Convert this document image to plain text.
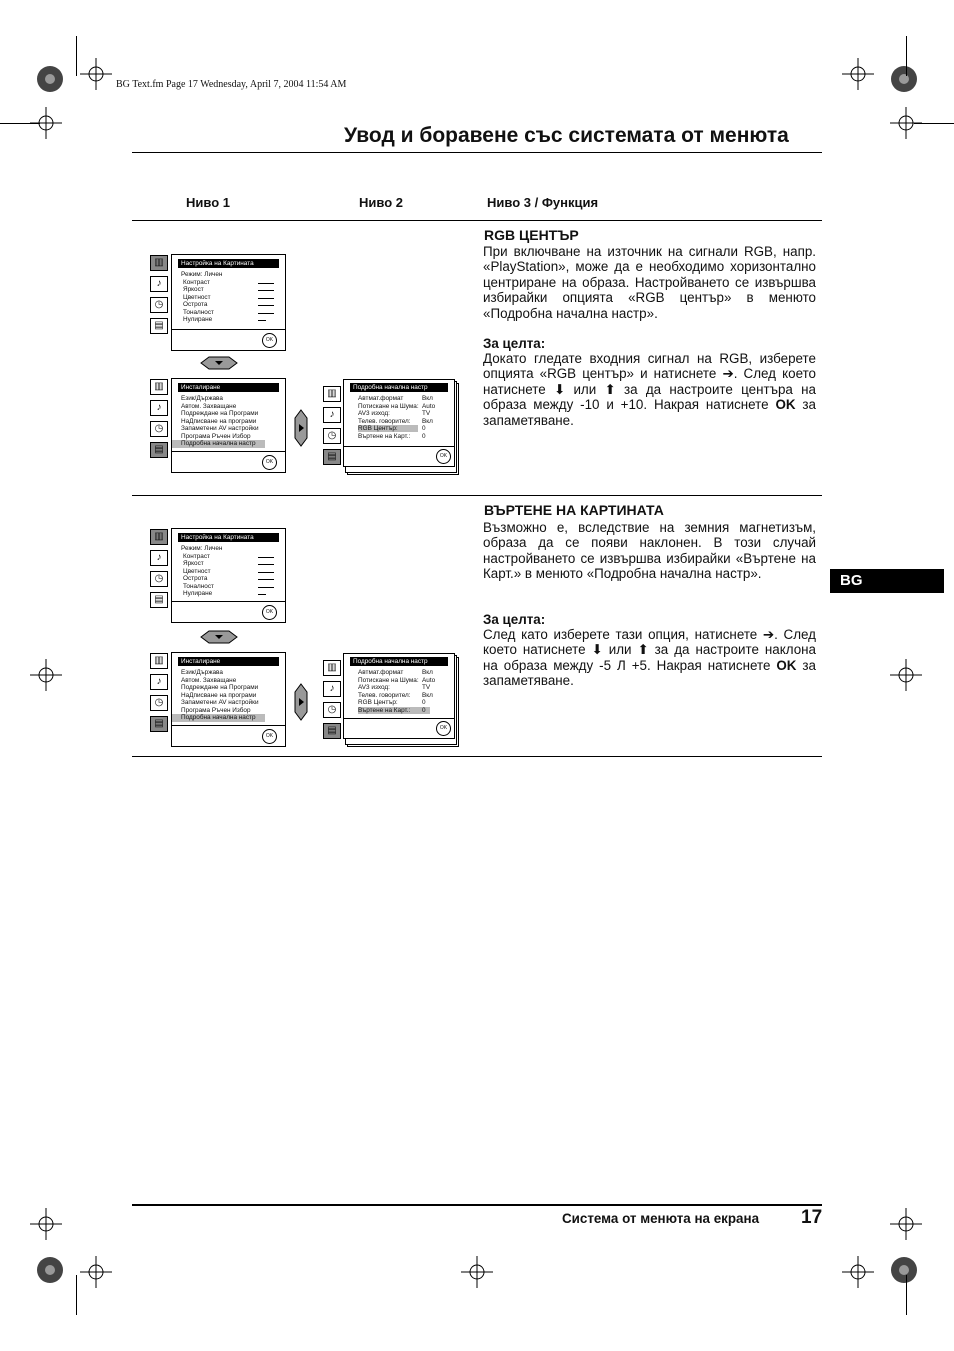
BG Text.fm Page 17 Wednesday, April 7, 2004 11:54 AM
Увод и боравене със системата от менюта
Ниво 1	Ниво 2	Ниво 3 / Функция
▥
♪
◷
▤
Настройка на Картината
Режим: Личен
Контраст
Яркост
Цветност
Острота
Тоналност
Нулиране
OK
▥
♪
◷
▤
Инсталиране
Език/Държава
Автом. Захващане
Подреждане на Програми
НаДписване на програми
Запаметени AV настройки
Програма Ръчен Избор
Подробна начална настр
OK
▥
♪
◷
▤
Подробна начална настр
Автмат.формат	Вкл
Потискане на Шума: Auto
AV3 изход:	TV
Телев. говорител: Вкл
RGB Център:	0
Въртене на Карт.: 0
OK
RGB ЦЕНТЪР
При включване на източник на сигнали RGB, напр. «PlayStation», може да е необходимо хоризонтално центриране на образа. Настройването се извършва избирайки опцията «RGB център» в менюто «Подробна начална настр».
За целта:
Докато гледате входния сигнал на RGB, изберете опцията «RGB център» и натиснете ➔. След което натиснете ⬇ или ⬆ за да настроите центъра на образа между -10 и +10. Накрая натиснете OK за запаметяване.
▥
♪
◷
▤
Настройка на Картината
Режим: Личен
Контраст
Яркост
Цветност
Острота
Тоналност
Нулиране
OK
▥
♪
◷
▤
Инсталиране
Език/Държава
Автом. Захващане
Подреждане на Програми
НаДписване на програми
Запаметени AV настройки
Програма Ръчен Избор
Подробна начална настр
OK
▥
♪
◷
▤
Подробна начална настр
Автмат.формат	Вкл
Потискане на Шума: Auto
AV3 изход:	TV
Телев. говорител: Вкл
RGB Център:	0
Въртене на Карт.: 0
OK
ВЪРТЕНЕ НА КАРТИНАТА
Възможно е, вследствие на земния магнетизъм, образа да се появи наклонен. В този случай настройването се извършва избирайки «Въртене на Карт.» в менюто «Подробна начална настр».
За целта:
След като изберете тази опция, натиснете ➔. След което натиснете ⬇ или ⬆ за да настроите наклона на образа между -5 Л +5. Накрая натиснете OK за запаметяване.
BG
Система от менюта на екрана 17
